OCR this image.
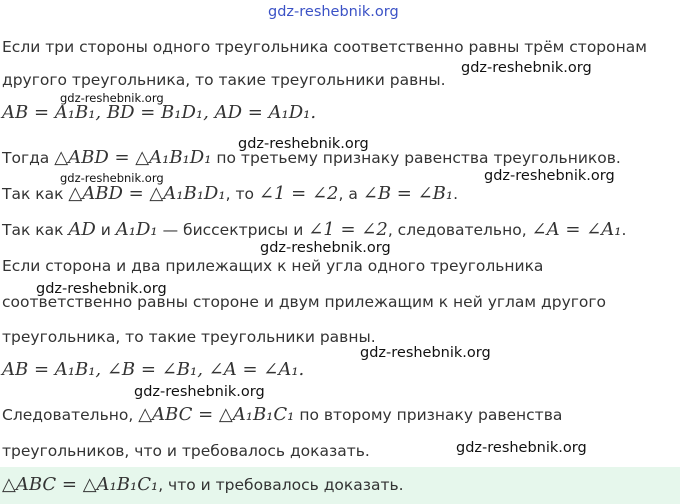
gdz-reshebnik.org
Если три стороны одного треугольника соответственно равны трём сторонам
другого треугольника, то такие треугольники равны.
gdz-reshebnik.org
gdz-reshebnik.org
AB = A₁B₁, BD = B₁D₁, AD = A₁D₁.
gdz-reshebnik.org
Тогда △ABD = △A₁B₁D₁ по третьему признаку равенства треугольников.
gdz-reshebnik.org	gdz-reshebnik.org
Так как △ABD = △A₁B₁D₁, то ∠1 = ∠2, а ∠B = ∠B₁.
Так как AD и A₁D₁ — биссектрисы и ∠1 = ∠2, следовательно, ∠A = ∠A₁.
gdz-reshebnik.org
Если сторона и два прилежащих к ней угла одного треугольника
gdz-reshebnik.org
соответственно равны стороне и двум прилежащим к ней углам другого
треугольника, то такие треугольники равны.
gdz-reshebnik.org
AB = A₁B₁, ∠B = ∠B₁, ∠A = ∠A₁.
gdz-reshebnik.org
Следовательно, △ABC = △A₁B₁C₁ по второму признаку равенства
треугольников, что и требовалось доказать.	gdz-reshebnik.org
△ABC = △A₁B₁C₁, что и требовалось доказать.
